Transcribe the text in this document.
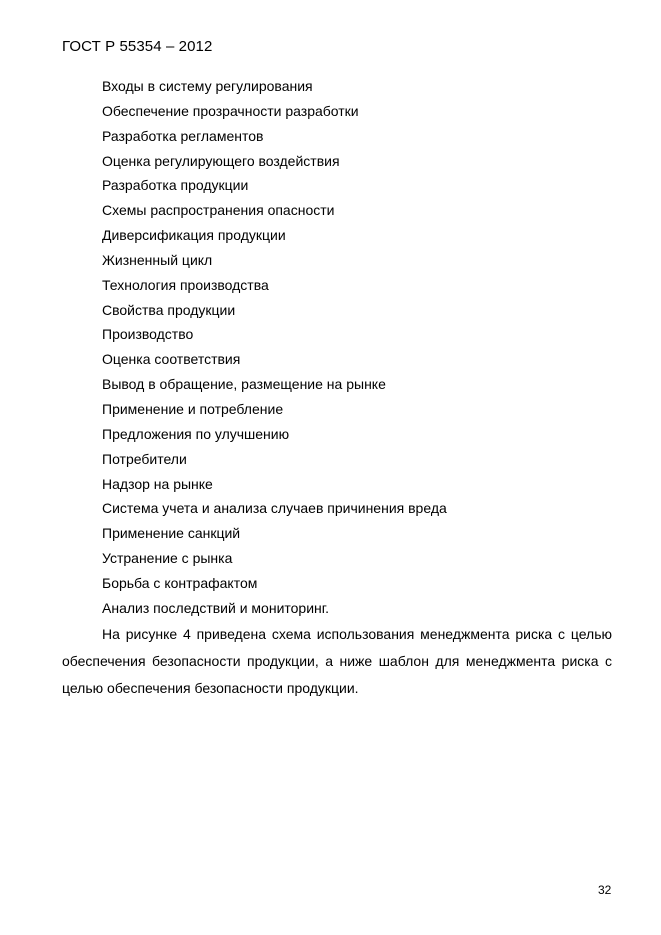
ГОСТ Р 55354 – 2012
Входы в систему регулирования
Обеспечение прозрачности разработки
Разработка регламентов
Оценка регулирующего воздействия
Разработка продукции
Схемы распространения опасности
Диверсификация продукции
Жизненный цикл
Технология производства
Свойства продукции
Производство
Оценка соответствия
Вывод в обращение, размещение на рынке
Применение и потребление
Предложения по улучшению
Потребители
Надзор на рынке
Система учета и анализа случаев причинения вреда
Применение санкций
Устранение с рынка
Борьба с контрафактом
Анализ последствий и мониторинг.

На рисунке 4 приведена схема использования менеджмента риска с целью обеспечения безопасности продукции, а ниже шаблон для менеджмента риска с целью обеспечения безопасности продукции.

32
